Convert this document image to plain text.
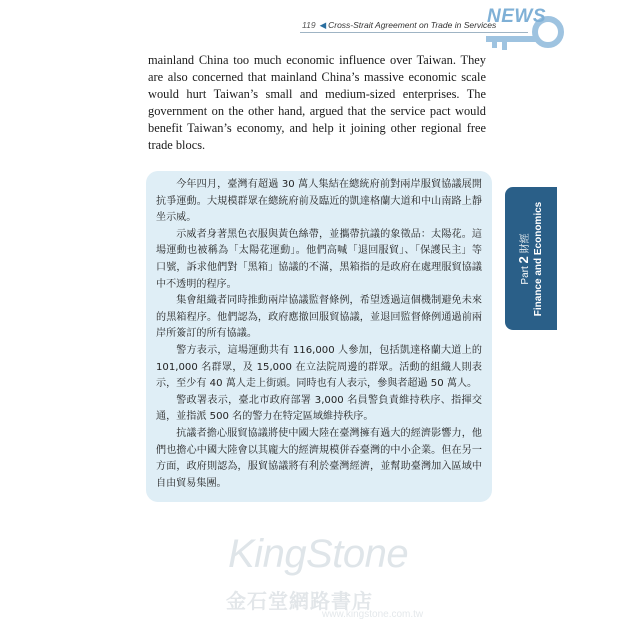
119 ◀ Cross-Strait Agreement on Trade in Services
NEWS
mainland China too much economic influence over Taiwan. They are also concerned that mainland China’s massive economic scale would hurt Taiwan’s small and medium-sized enterprises. The government on the other hand, argued that the service pact would benefit Taiwan’s economy, and help it joining other regional free trade blocs.

今年四月，臺灣有超過 30 萬人集結在總統府前對兩岸服貿協議展開抗爭運動。大規模群眾在總統府前及臨近的凱達格蘭大道和中山南路上靜坐示威。

示威者身著黑色衣服與黃色絲帶，並攜帶抗議的象徵品：太陽花。這場運動也被稱為「太陽花運動」。他們高喊「退回服貿」、「保護民主」等口號，訴求他們對「黑箱」協議的不滿，黑箱指的是政府在處理服貿協議中不透明的程序。

集會組織者同時推動兩岸協議監督條例，希望透過這個機制避免未來的黑箱程序。他們認為，政府應撤回服貿協議，並退回監督條例通過前兩岸所簽訂的所有協議。

警方表示，這場運動共有 116,000 人參加，包括凱達格蘭大道上的 101,000 名群眾，及 15,000 在立法院周邊的群眾。活動的組織人則表示，至少有 40 萬人走上街頭。同時也有人表示，參與者超過 50 萬人。

警政署表示，臺北市政府部署 3,000 名員警負責維持秩序、指揮交通，並指派 500 名的警力在特定區域維持秩序。

抗議者擔心服貿協議將使中國大陸在臺灣擁有過大的經濟影響力，他們也擔心中國大陸會以其龐大的經濟規模併吞臺灣的中小企業。但在另一方面，政府則認為，服貿協議將有利於臺灣經濟，並幫助臺灣加入區域中自由貿易集團。

Part 2 財經 Finance and Economics
KingStone
金石堂網路書店
www.kingstone.com.tw
